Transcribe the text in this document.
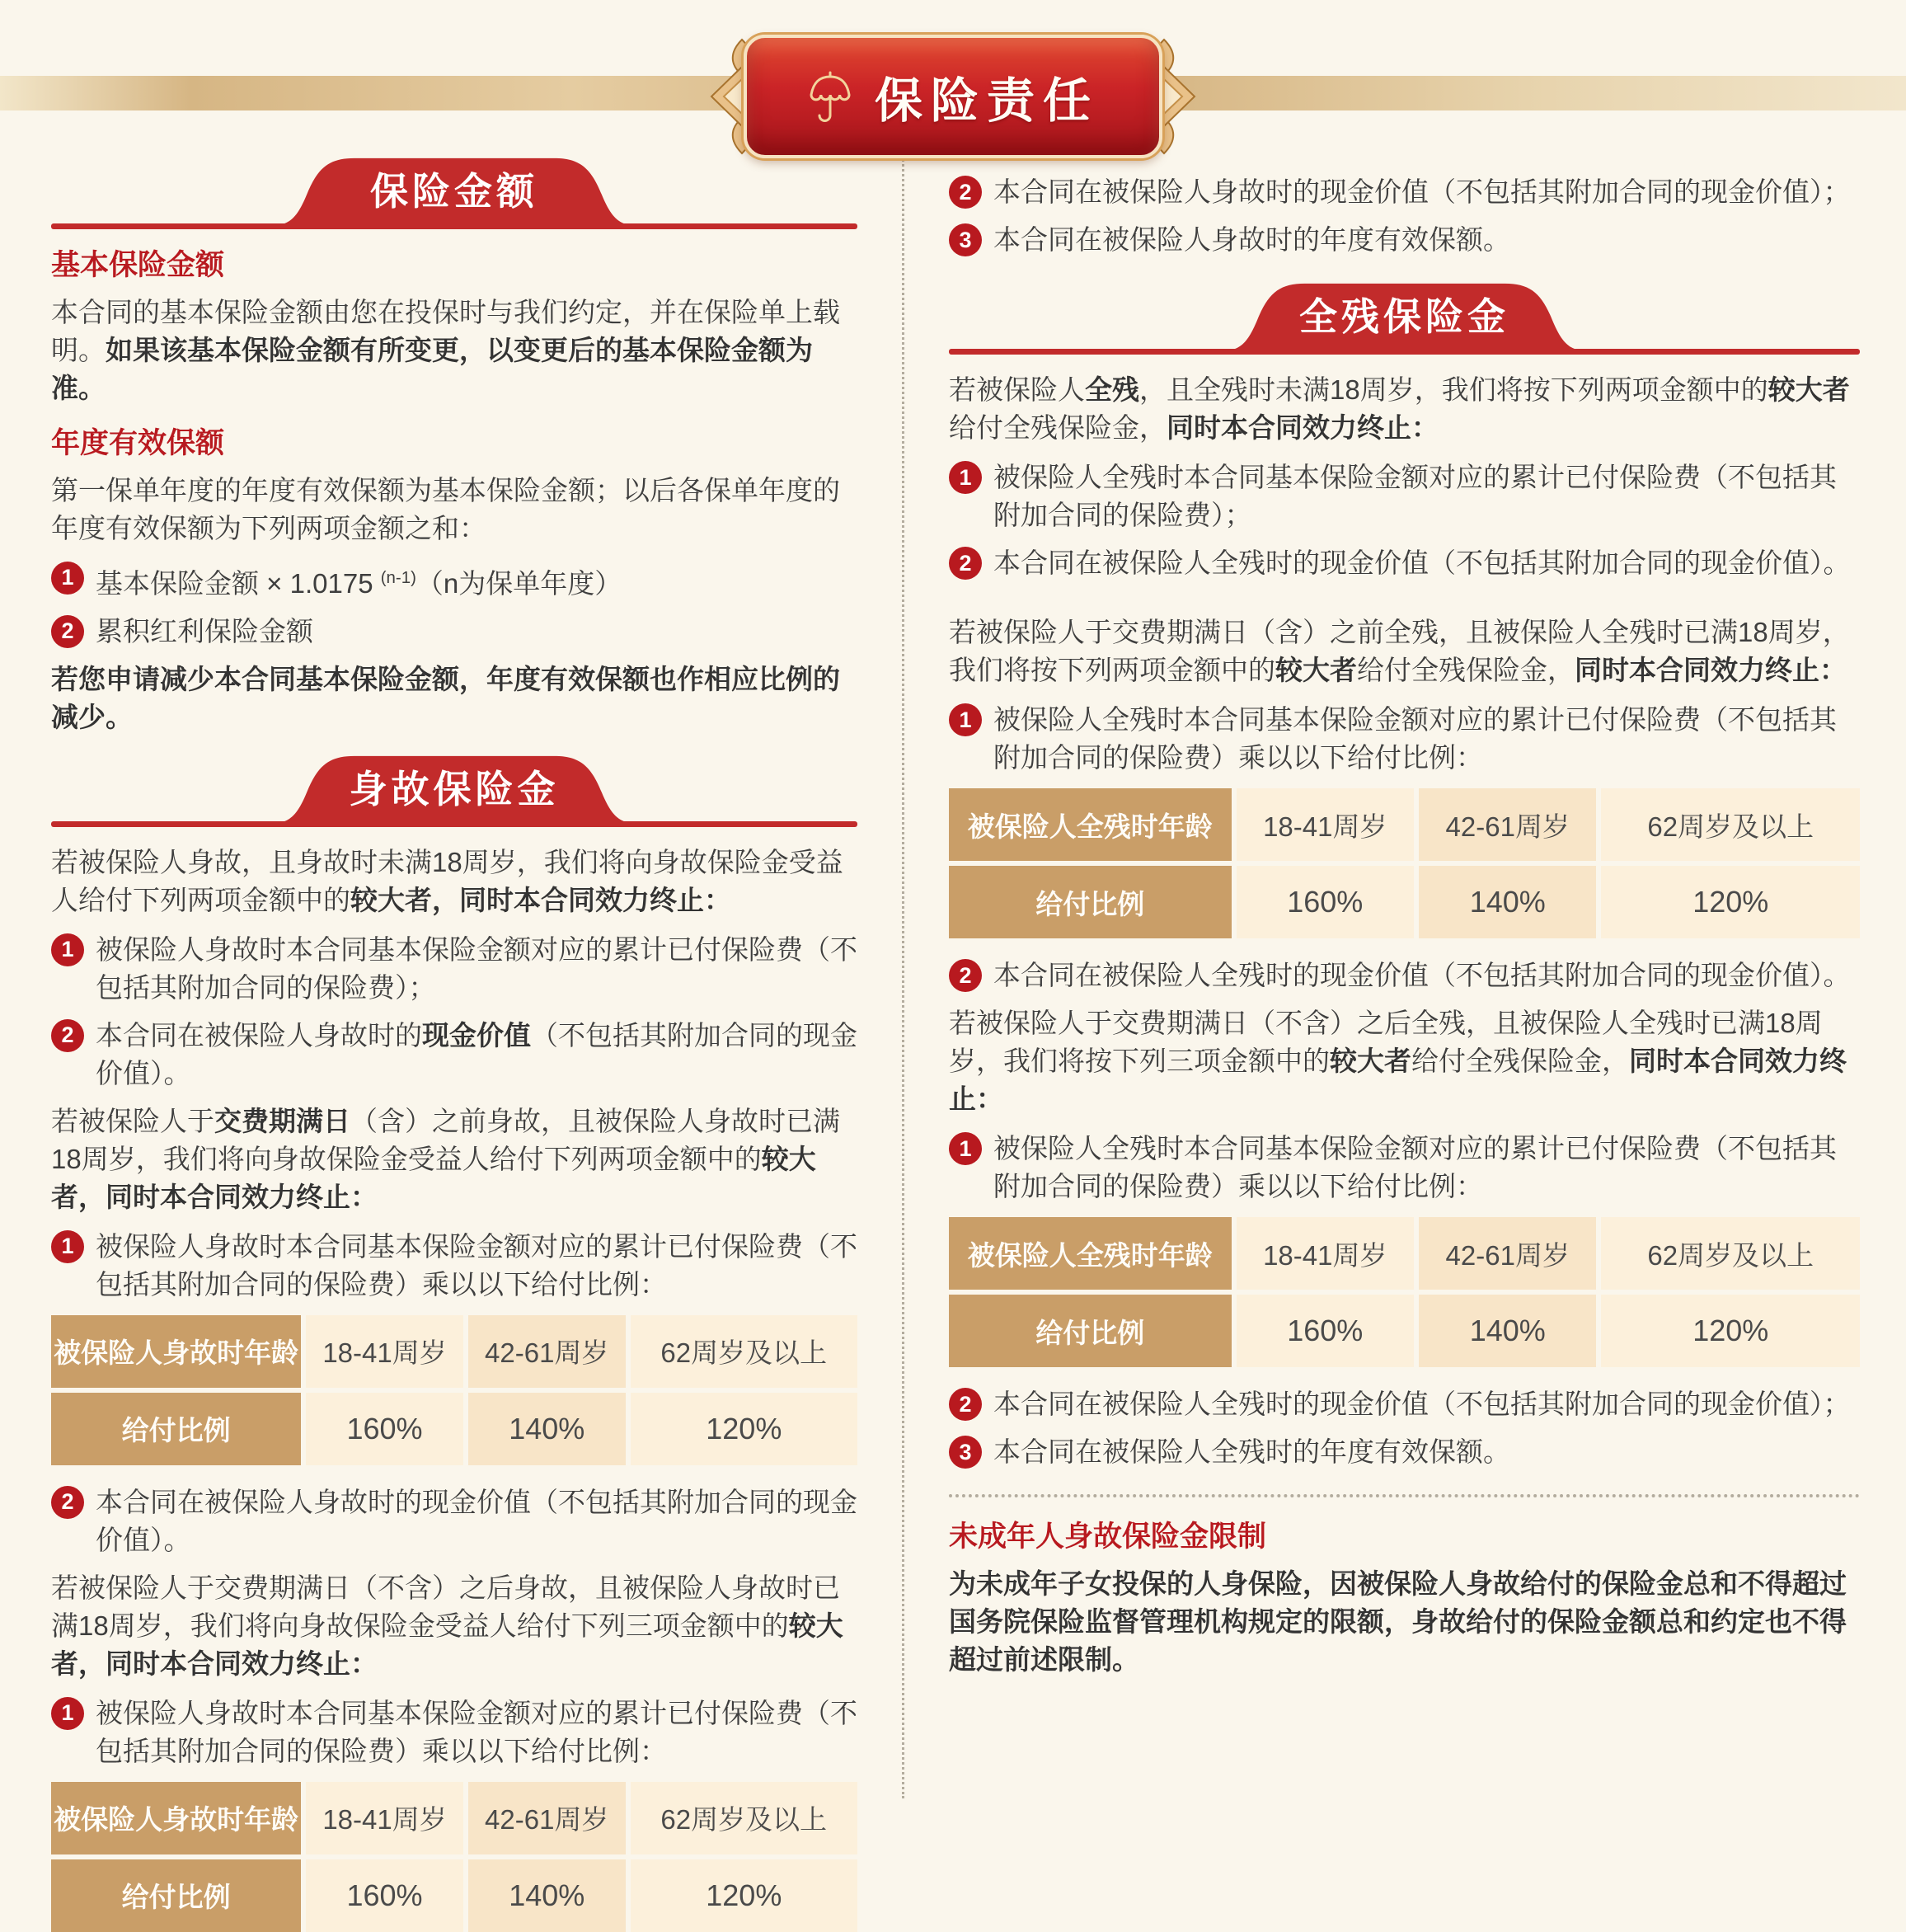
保险责任
保险金额
基本保险金额
本合同的基本保险金额由您在投保时与我们约定，并在保险单上载明。如果该基本保险金额有所变更，以变更后的基本保险金额为准。
年度有效保额
第一保单年度的年度有效保额为基本保险金额；以后各保单年度的年度有效保额为下列两项金额之和：
1 基本保险金额 × 1.0175 $^{(n-1)}$（n为保单年度）
2 累积红利保险金额
若您申请减少本合同基本保险金额，年度有效保额也作相应比例的减少。
身故保险金
若被保险人身故，且身故时未满18周岁，我们将向身故保险金受益人给付下列两项金额中的较大者，同时本合同效力终止：
1 被保险人身故时本合同基本保险金额对应的累计已付保险费（不包括其附加合同的保险费）；
2 本合同在被保险人身故时的现金价值（不包括其附加合同的现金价值）。
若被保险人于交费期满日（含）之前身故，且被保险人身故时已满18周岁，我们将向身故保险金受益人给付下列两项金额中的较大者，同时本合同效力终止：
1 被保险人身故时本合同基本保险金额对应的累计已付保险费（不包括其附加合同的保险费）乘以以下给付比例：
被保险人身故时年龄 18-41周岁	42-61周岁	62周岁及以上
给付比例	160%	140%	120%
2 本合同在被保险人身故时的现金价值（不包括其附加合同的现金价值）。
若被保险人于交费期满日（不含）之后身故，且被保险人身故时已满18周岁，我们将向身故保险金受益人给付下列三项金额中的较大者，同时本合同效力终止：
1 被保险人身故时本合同基本保险金额对应的累计已付保险费（不包括其附加合同的保险费）乘以以下给付比例：
被保险人身故时年龄 18-41周岁	42-61周岁	62周岁及以上
给付比例	160%	140%	120%
2 本合同在被保险人身故时的现金价值（不包括其附加合同的现金价值）；
3 本合同在被保险人身故时的年度有效保额。
全残保险金
若被保险人全残，且全残时未满18周岁，我们将按下列两项金额中的较大者给付全残保险金，同时本合同效力终止：
1 被保险人全残时本合同基本保险金额对应的累计已付保险费（不包括其附加合同的保险费）；
2 本合同在被保险人全残时的现金价值（不包括其附加合同的现金价值）。
若被保险人于交费期满日（含）之前全残，且被保险人全残时已满18周岁，我们将按下列两项金额中的较大者给付全残保险金，同时本合同效力终止：
1 被保险人全残时本合同基本保险金额对应的累计已付保险费（不包括其附加合同的保险费）乘以以下给付比例：
被保险人全残时年龄	18-41周岁	42-61周岁	62周岁及以上
给付比例	160%	140%	120%
2 本合同在被保险人全残时的现金价值（不包括其附加合同的现金价值）。
若被保险人于交费期满日（不含）之后全残，且被保险人全残时已满18周岁，我们将按下列三项金额中的较大者给付全残保险金，同时本合同效力终止：
1 被保险人全残时本合同基本保险金额对应的累计已付保险费（不包括其附加合同的保险费）乘以以下给付比例：
被保险人全残时年龄	18-41周岁	42-61周岁	62周岁及以上
给付比例	160%	140%	120%
2 本合同在被保险人全残时的现金价值（不包括其附加合同的现金价值）；
3 本合同在被保险人全残时的年度有效保额。
未成年人身故保险金限制
为未成年子女投保的人身保险，因被保险人身故给付的保险金总和不得超过国务院保险监督管理机构规定的限额，身故给付的保险金额总和约定也不得超过前述限制。
